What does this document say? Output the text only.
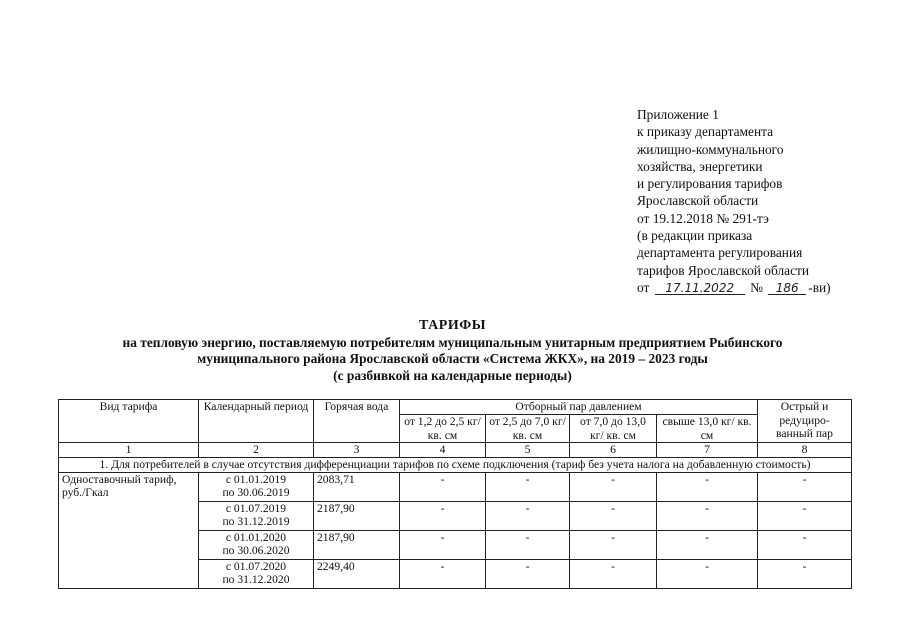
Приложение 1
к приказу департамента
жилищно-коммунального
хозяйства, энергетики
и регулирования тарифов
Ярославской области
от 19.12.2018 № 291-тэ
(в редакции приказа
департамента регулирования
тарифов Ярославской области
от 17.11.2022 № 186 -ви)
ТАРИФЫ
на тепловую энергию, поставляемую потребителям муниципальным унитарным предприятием Рыбинского
муниципального района Ярославской области «Система ЖКХ», на 2019 – 2023 годы
(с разбивкой на календарные периоды)
Вид тарифа	Календарный период	Горячая вода	Отборный пар давлением				Острый и редуциро-ванный пар
			от 1,2 до 2,5 кг/ кв. см	от 2,5 до 7,0 кг/ кв. см	от 7,0 до 13,0 кг/ кв. см	свыше 13,0 кг/ кв. см	
1	2	3	4	5	6	7	8
1. Для потребителей в случае отсутствия дифференциации тарифов по схеме подключения (тариф без учета налога на добавленную стоимость)							
Одноставочный тариф, руб./Гкал	с 01.01.2019
по 30.06.2019	2083,71	-	-	-	-	-
	с 01.07.2019
по 31.12.2019	2187,90	-	-	-	-	-
	с 01.01.2020
по 30.06.2020	2187,90	-	-	-	-	-
	с 01.07.2020
по 31.12.2020	2249,40	-	-	-	-	-
